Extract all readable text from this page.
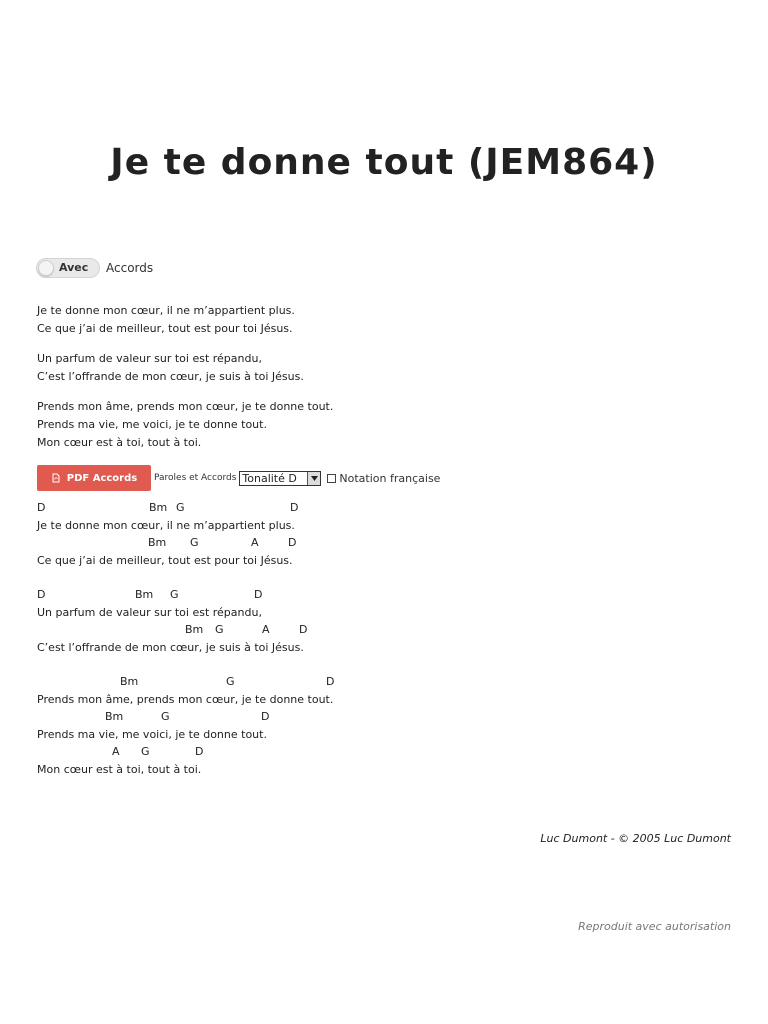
Je te donne tout (JEM864)
Avec Accords
Je te donne mon cœur, il ne m’appartient plus.
Ce que j’ai de meilleur, tout est pour toi Jésus.
Un parfum de valeur sur toi est répandu,
C’est l’offrande de mon cœur, je suis à toi Jésus.
Prends mon âme, prends mon cœur, je te donne tout.
Prends ma vie, me voici, je te donne tout.
Mon cœur est à toi, tout à toi.
PDF Accords Paroles et Accords Tonalité D	Notation française
D	Bm G	D
Je te donne mon cœur, il ne m’appartient plus.
Bm G	A	D
Ce que j’ai de meilleur, tout est pour toi Jésus.
D	Bm G	D
Un parfum de valeur sur toi est répandu,
Bm G	A	D
C’est l’offrande de mon cœur, je suis à toi Jésus.
Bm	G	D
Prends mon âme, prends mon cœur, je te donne tout.
Bm	G	D
Prends ma vie, me voici, je te donne tout.
A G	D
Mon cœur est à toi, tout à toi.
Luc Dumont - © 2005 Luc Dumont
Reproduit avec autorisation
